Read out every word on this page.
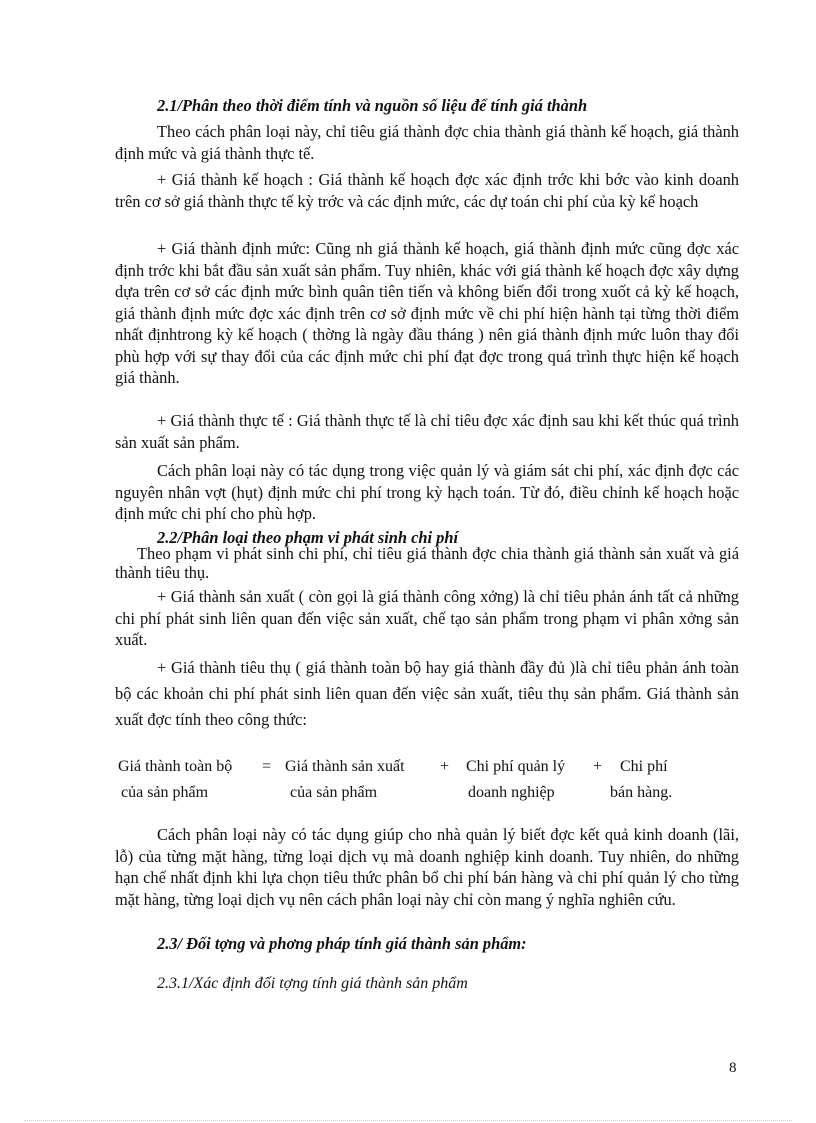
2.1/Phân theo thời điểm tính và nguồn số liệu để tính giá thành
Theo cách phân loại này, chỉ tiêu giá thành đợc chia thành giá thành kế hoạch, giá thành định mức và giá thành thực tế.
+ Giá thành kế hoạch : Giá thành kế hoạch đợc xác định trớc khi bớc vào kinh doanh trên cơ sở giá thành thực tế kỳ trớc và các định mức, các dự toán chi phí của kỳ kế hoạch
+ Giá thành định mức: Cũng nh giá thành kế hoạch, giá thành định mức cũng đợc xác định trớc khi bắt đầu sản xuất sản phẩm. Tuy nhiên, khác với giá thành kế hoạch đợc xây dựng dựa trên cơ sở các định mức bình quân tiên tiến và không biến đổi trong xuốt cả kỳ kế hoạch, giá thành định mức đợc xác định trên cơ sở định mức về chi phí hiện hành tại từng thời điểm nhất địnhtrong kỳ kế hoạch ( thờng là ngày đầu tháng ) nên giá thành định mức luôn thay đổi phù hợp với sự thay đổi của các định mức chi phí đạt đợc trong quá trình thực hiện kế hoạch giá thành.
+ Giá thành thực tế : Giá thành thực tế là chỉ tiêu đợc xác định sau khi kết thúc quá trình sản xuất sản phẩm.
Cách phân loại này có tác dụng trong việc quản lý và giám sát chi phí, xác định đợc các nguyên nhân vợt (hụt) định mức chi phí trong kỳ hạch toán. Từ đó, điều chỉnh kế hoạch hoặc định mức chi phí cho phù hợp.
2.2/Phân loại theo phạm vi phát sinh chi phí
Theo phạm vi phát sinh chi phí, chỉ tiêu giá thành đợc chia thành giá thành sản xuất và giá thành tiêu thụ.
+ Giá thành sản xuất ( còn gọi là giá thành công xởng) là chỉ tiêu phản ánh tất cả những chi phí phát sinh liên quan đến việc sản xuất, chế tạo sản phẩm trong phạm vi phân xởng sản xuất.
+ Giá thành tiêu thụ ( giá thành toàn bộ hay giá thành đầy đủ )là chỉ tiêu phản ánh toàn bộ các khoản chi phí phát sinh liên quan đến việc sản xuất, tiêu thụ sản phẩm. Giá thành sản xuất đợc tính theo công thức:
Giá thành toàn bộ = Giá thành sản xuất + Chi phí quản lý + Chi phí
của sản phẩm	của sản phẩm	doanh nghiệp	bán hàng.
Cách phân loại này có tác dụng giúp cho nhà quản lý biết đợc kết quả kinh doanh (lãi, lỗ) của từng mặt hàng, từng loại dịch vụ mà doanh nghiệp kinh doanh. Tuy nhiên, do những hạn chế nhất định khi lựa chọn tiêu thức phân bổ chi phí bán hàng và chi phí quản lý cho từng mặt hàng, từng loại dịch vụ nên cách phân loại này chỉ còn mang ý nghĩa nghiên cứu.
2.3/ Đối tợng và phơng pháp tính giá thành sản phẩm:
2.3.1/Xác định đối tợng tính giá thành sản phẩm
8
